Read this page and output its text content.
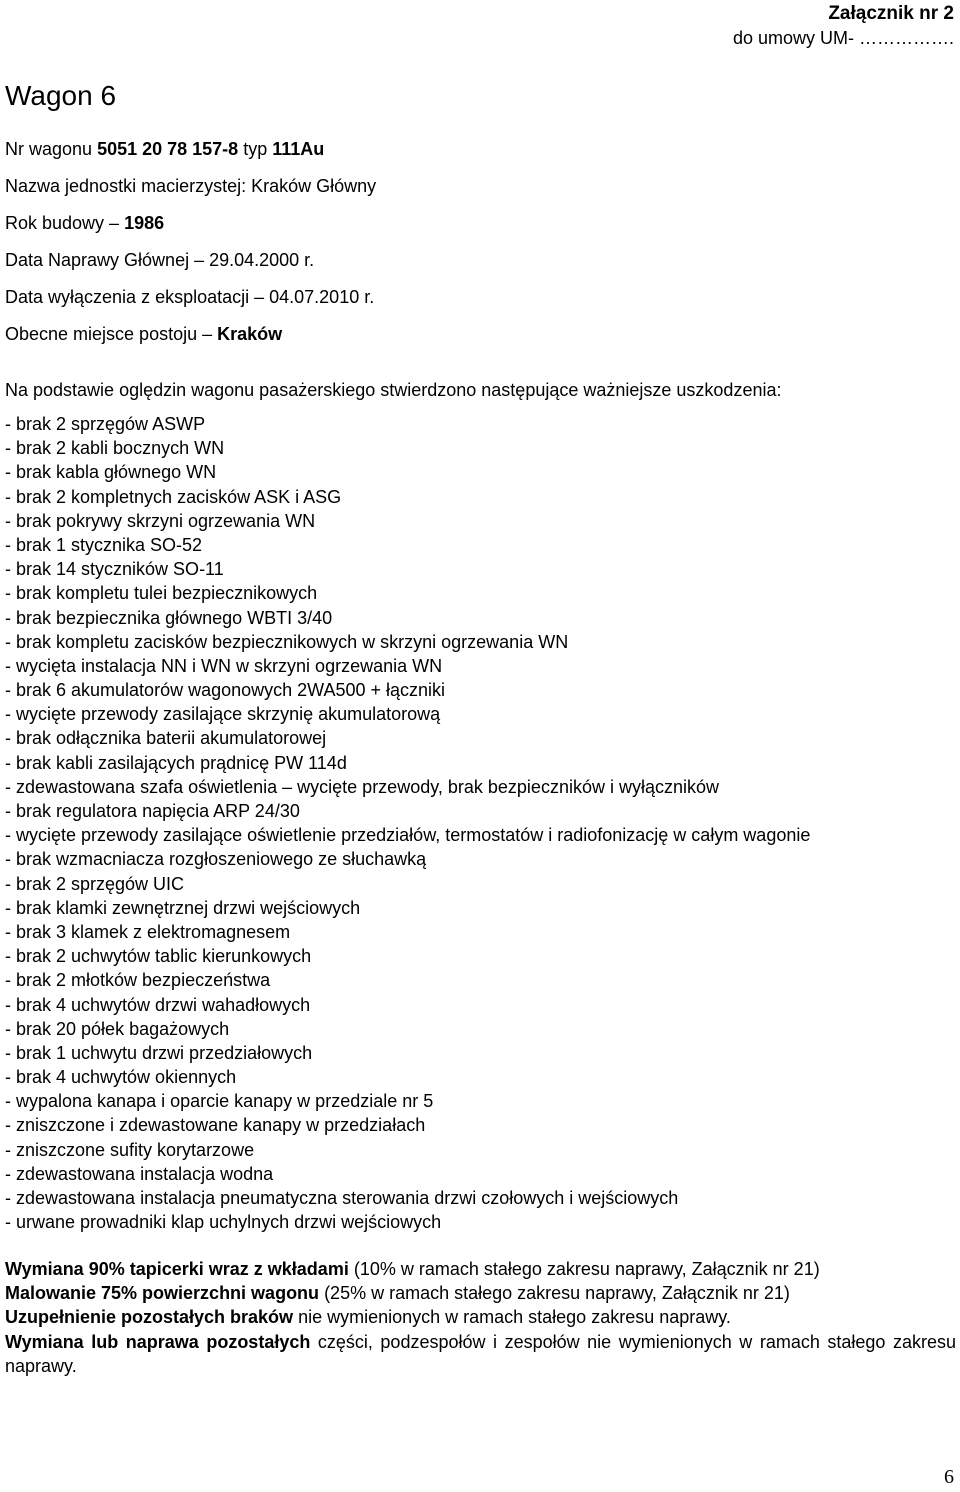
Załącznik nr 2
do umowy UM- …………….
Wagon 6
Nr wagonu 5051 20 78 157-8 typ 111Au
Nazwa jednostki macierzystej: Kraków Główny
Rok budowy – 1986
Data Naprawy Głównej – 29.04.2000 r.
Data wyłączenia z eksploatacji – 04.07.2010 r.
Obecne miejsce postoju – Kraków
Na podstawie oględzin wagonu pasażerskiego stwierdzono następujące ważniejsze uszkodzenia:
- brak 2 sprzęgów ASWP
- brak 2 kabli bocznych WN
- brak kabla głównego WN
- brak 2 kompletnych zacisków ASK i ASG
- brak pokrywy skrzyni ogrzewania WN
- brak 1 stycznika SO-52
- brak 14 styczników SO-11
- brak kompletu tulei bezpiecznikowych
- brak bezpiecznika głównego WBTI 3/40
- brak kompletu zacisków bezpiecznikowych w skrzyni ogrzewania WN
- wycięta instalacja NN i WN w skrzyni ogrzewania WN
- brak 6 akumulatorów wagonowych 2WA500 + łączniki
- wycięte przewody zasilające skrzynię akumulatorową
- brak odłącznika baterii akumulatorowej
- brak kabli zasilających prądnicę PW 114d
- zdewastowana szafa oświetlenia – wycięte przewody, brak bezpieczników i wyłączników
- brak regulatora napięcia ARP 24/30
- wycięte przewody zasilające oświetlenie przedziałów, termostatów i radiofonizację w całym wagonie
- brak wzmacniacza rozgłoszeniowego ze słuchawką
- brak 2 sprzęgów UIC
- brak klamki zewnętrznej drzwi wejściowych
- brak 3 klamek z elektromagnesem
- brak 2 uchwytów tablic kierunkowych
- brak 2 młotków bezpieczeństwa
- brak 4 uchwytów drzwi wahadłowych
- brak 20 półek bagażowych
- brak 1 uchwytu drzwi przedziałowych
- brak 4 uchwytów okiennych
- wypalona kanapa i oparcie kanapy w przedziale nr 5
- zniszczone i zdewastowane kanapy w przedziałach
- zniszczone sufity korytarzowe
- zdewastowana instalacja wodna
- zdewastowana instalacja pneumatyczna sterowania drzwi czołowych i wejściowych
- urwane prowadniki klap uchylnych drzwi wejściowych

Wymiana 90% tapicerki wraz z wkładami (10% w ramach stałego zakresu naprawy, Załącznik nr 21)

Malowanie 75% powierzchni wagonu (25% w ramach stałego zakresu naprawy, Załącznik nr 21)

Uzupełnienie pozostałych braków nie wymienionych w ramach stałego zakresu naprawy.

Wymiana lub naprawa pozostałych części, podzespołów i zespołów nie wymienionych w ramach stałego zakresu naprawy.

6
